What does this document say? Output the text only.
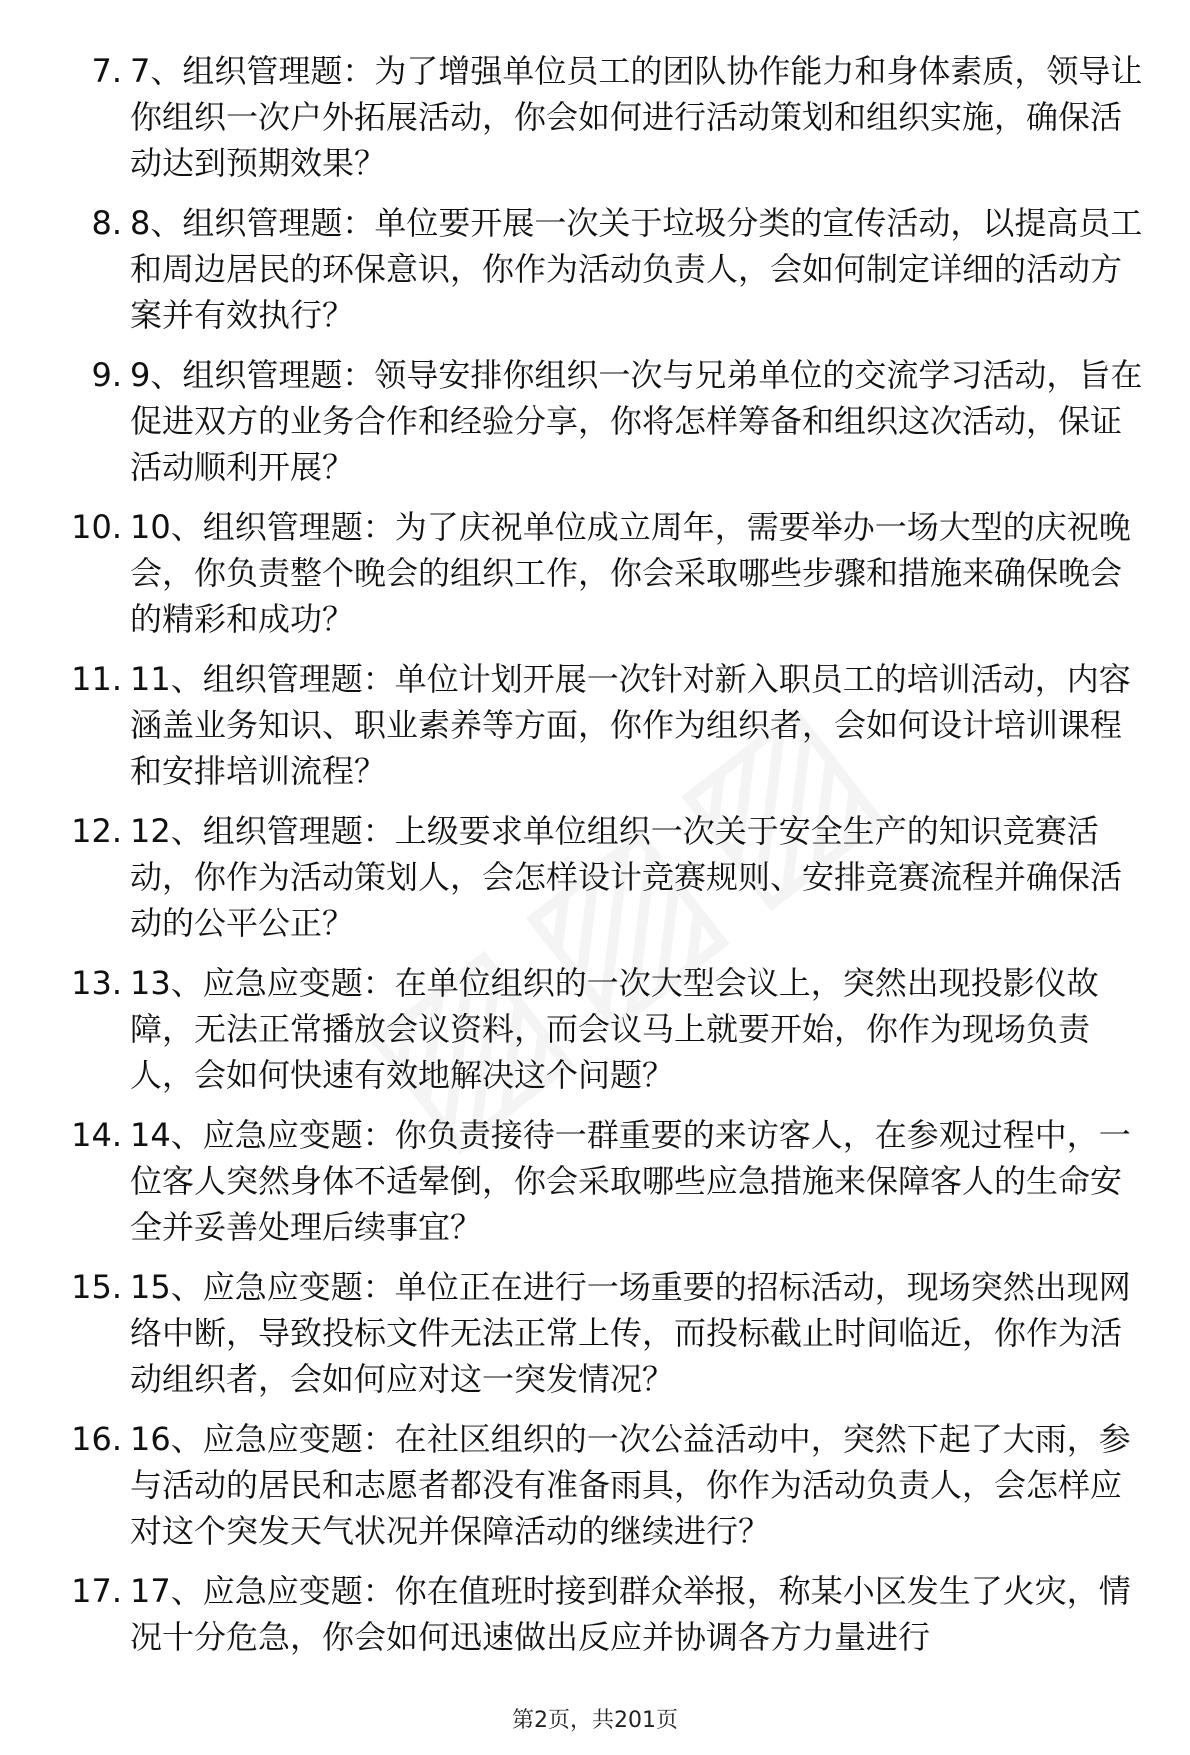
7. 7、组织管理题：为了增强单位员工的团队协作能力和身体素质，领导让你组织一次户外拓展活动，你会如何进行活动策划和组织实施，确保活动达到预期效果？
8. 8、组织管理题：单位要开展一次关于垃圾分类的宣传活动，以提高员工和周边居民的环保意识，你作为活动负责人，会如何制定详细的活动方案并有效执行？
9. 9、组织管理题：领导安排你组织一次与兄弟单位的交流学习活动，旨在促进双方的业务合作和经验分享，你将怎样筹备和组织这次活动，保证活动顺利开展？
10. 10、组织管理题：为了庆祝单位成立周年，需要举办一场大型的庆祝晚会，你负责整个晚会的组织工作，你会采取哪些步骤和措施来确保晚会的精彩和成功？
11. 11、组织管理题：单位计划开展一次针对新入职员工的培训活动，内容涵盖业务知识、职业素养等方面，你作为组织者，会如何设计培训课程和安排培训流程？
12. 12、组织管理题：上级要求单位组织一次关于安全生产的知识竞赛活动，你作为活动策划人，会怎样设计竞赛规则、安排竞赛流程并确保活动的公平公正？
13. 13、应急应变题：在单位组织的一次大型会议上，突然出现投影仪故障，无法正常播放会议资料，而会议马上就要开始，你作为现场负责人，会如何快速有效地解决这个问题？
14. 14、应急应变题：你负责接待一群重要的来访客人，在参观过程中，一位客人突然身体不适晕倒，你会采取哪些应急措施来保障客人的生命安全并妥善处理后续事宜？
15. 15、应急应变题：单位正在进行一场重要的招标活动，现场突然出现网络中断，导致投标文件无法正常上传，而投标截止时间临近，你作为活动组织者，会如何应对这一突发情况？
16. 16、应急应变题：在社区组织的一次公益活动中，突然下起了大雨，参与活动的居民和志愿者都没有准备雨具，你作为活动负责人，会怎样应对这个突发天气状况并保障活动的继续进行？
17. 17、应急应变题：你在值班时接到群众举报，称某小区发生了火灾，情况十分危急，你会如何迅速做出反应并协调各方力量进行
第2页，共201页
